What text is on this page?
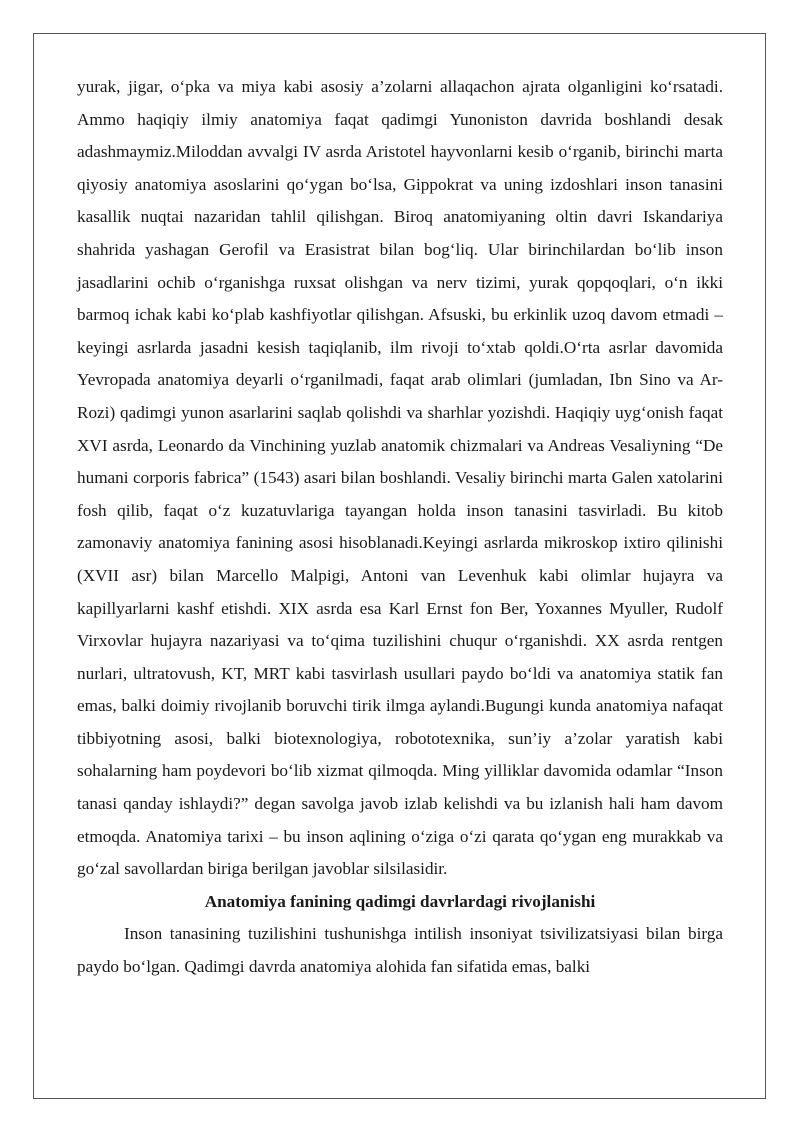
yurak, jigar, o‘pka va miya kabi asosiy a’zolarni allaqachon ajrata olganligini ko‘rsatadi. Ammo haqiqiy ilmiy anatomiya faqat qadimgi Yunoniston davrida boshlandi desak adashmaymiz.Miloddan avvalgi IV asrda Aristotel hayvonlarni kesib o‘rganib, birinchi marta qiyosiy anatomiya asoslarini qo‘ygan bo‘lsa, Gippokrat va uning izdoshlari inson tanasini kasallik nuqtai nazaridan tahlil qilishgan. Biroq anatomiyaning oltin davri Iskandariya shahrida yashagan Gerofil va Erasistrat bilan bog‘liq. Ular birinchilardan bo‘lib inson jasadlarini ochib o‘rganishga ruxsat olishgan va nerv tizimi, yurak qopqoqlari, o‘n ikki barmoq ichak kabi ko‘plab kashfiyotlar qilishgan. Afsuski, bu erkinlik uzoq davom etmadi – keyingi asrlarda jasadni kesish taqiqlanib, ilm rivoji to‘xtab qoldi.O‘rta asrlar davomida Yevropada anatomiya deyarli o‘rganilmadi, faqat arab olimlari (jumladan, Ibn Sino va Ar-Rozi) qadimgi yunon asarlarini saqlab qolishdi va sharhlar yozishdi. Haqiqiy uyg‘onish faqat XVI asrda, Leonardo da Vinchining yuzlab anatomik chizmalari va Andreas Vesaliyning “De humani corporis fabrica” (1543) asari bilan boshlandi. Vesaliy birinchi marta Galen xatolarini fosh qilib, faqat o‘z kuzatuvlariga tayangan holda inson tanasini tasvirladi. Bu kitob zamonaviy anatomiya fanining asosi hisoblanadi.Keyingi asrlarda mikroskop ixtiro qilinishi (XVII asr) bilan Marcello Malpigi, Antoni van Levenhuk kabi olimlar hujayra va kapillyarlarni kashf etishdi. XIX asrda esa Karl Ernst fon Ber, Yoxannes Myuller, Rudolf Virxovlar hujayra nazariyasi va to‘qima tuzilishini chuqur o‘rganishdi. XX asrda rentgen nurlari, ultratovush, KT, MRT kabi tasvirlash usullari paydo bo‘ldi va anatomiya statik fan emas, balki doimiy rivojlanib boruvchi tirik ilmga aylandi.Bugungi kunda anatomiya nafaqat tibbiyotning asosi, balki biotexnologiya, robototexnika, sun’iy a’zolar yaratish kabi sohalarning ham poydevori bo‘lib xizmat qilmoqda. Ming yilliklar davomida odamlar “Inson tanasi qanday ishlaydi?” degan savolga javob izlab kelishdi va bu izlanish hali ham davom etmoqda. Anatomiya tarixi – bu inson aqlining o‘ziga o‘zi qarata qo‘ygan eng murakkab va go‘zal savollardan biriga berilgan javoblar silsilasidir.

Anatomiya fanining qadimgi davrlardagi rivojlanishi

Inson tanasining tuzilishini tushunishga intilish insoniyat tsivilizatsiyasi bilan birga paydo bo‘lgan. Qadimgi davrda anatomiya alohida fan sifatida emas, balki
